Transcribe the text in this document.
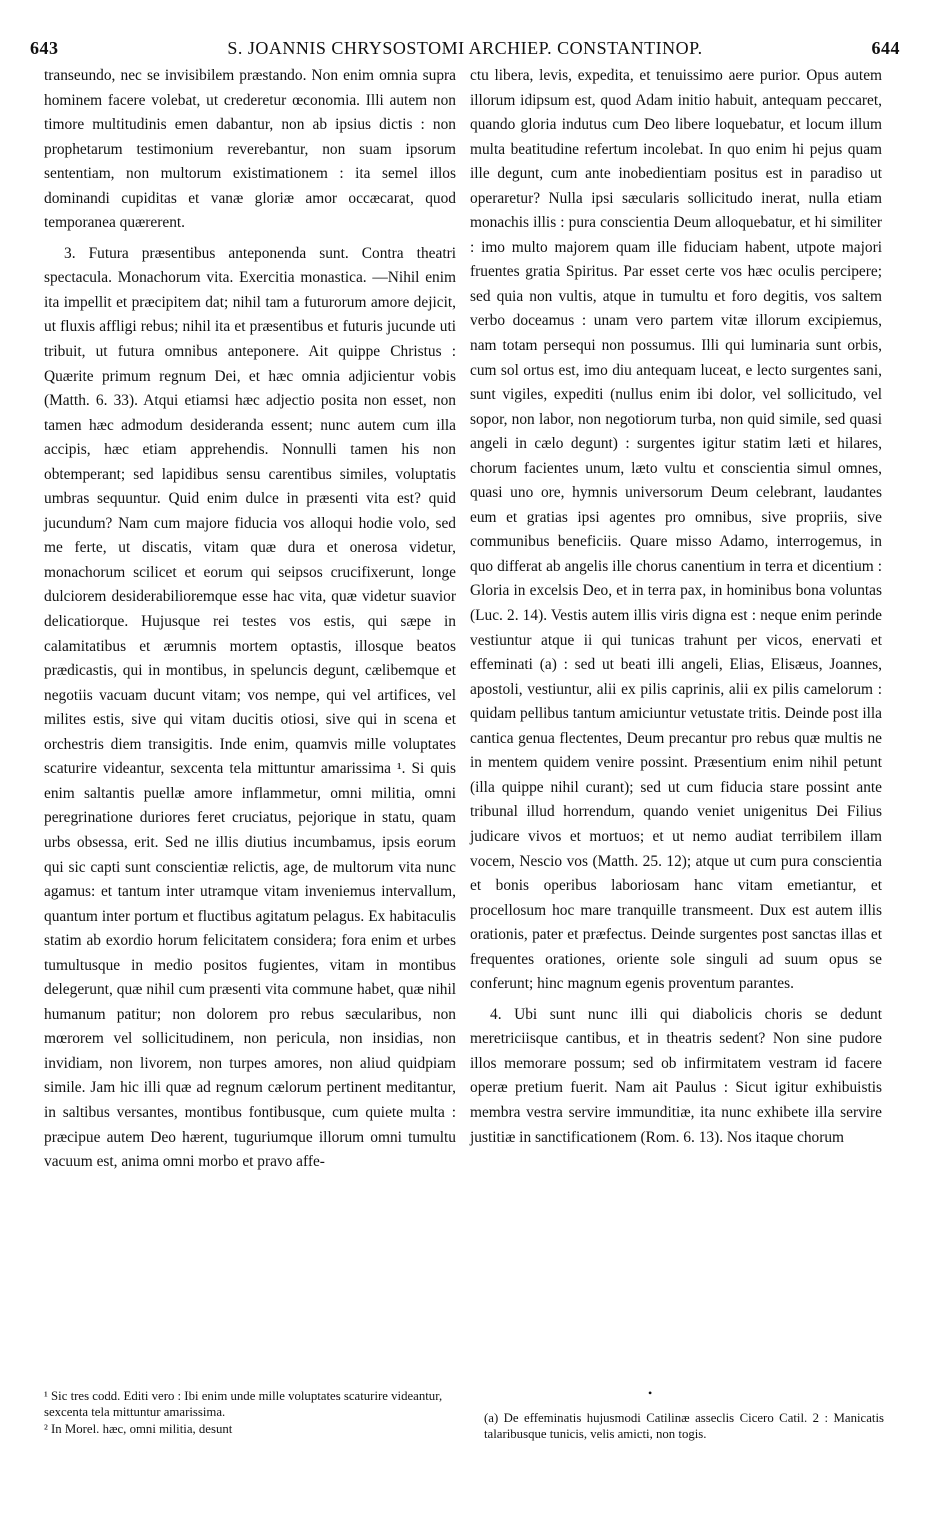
643	S. JOANNIS CHRYSOSTOMI ARCHIEP. CONSTANTINOP.	644

transeundo, nec se invisibilem præstando. Non enim omnia supra hominem facere volebat, ut crederetur œconomia. Illi autem non timore multitudinis emen dabantur, non ab ipsius dictis : non prophetarum testimonium reverebantur, non suam ipsorum sententiam, non multorum existimationem : ita semel illos dominandi cupiditas et vanæ gloriæ amor occæcarat, quod temporanea quærerent.

3. Futura præsentibus anteponenda sunt. Contra theatri spectacula. Monachorum vita. Exercitia monastica. —Nihil enim ita impellit et præcipitem dat; nihil tam a futurorum amore dejicit, ut fluxis affligi rebus; nihil ita et præsentibus et futuris jucunde uti tribuit, ut futura omnibus anteponere. Ait quippe Christus : Quærite primum regnum Dei, et hæc omnia adjicientur vobis (Matth. 6. 33). Atqui etiamsi hæc adjectio posita non esset, non tamen hæc admodum desideranda essent; nunc autem cum illa accipis, hæc etiam apprehendis. Nonnulli tamen his non obtemperant; sed lapidibus sensu carentibus similes, voluptatis umbras sequuntur. Quid enim dulce in præsenti vita est? quid jucundum? Nam cum majore fiducia vos alloqui hodie volo, sed me ferte, ut discatis, vitam quæ dura et onerosa videtur, monachorum scilicet et eorum qui seipsos crucifixerunt, longe dulciorem desiderabilioremque esse hac vita, quæ videtur suavior delicatiorque. Hujusque rei testes vos estis, qui sæpe in calamitatibus et ærumnis mortem optastis, illosque beatos prædicastis, qui in montibus, in speluncis degunt, cælibemque et negotiis vacuam ducunt vitam; vos nempe, qui vel artifices, vel milites estis, sive qui vitam ducitis otiosi, sive qui in scena et orchestris diem transigitis. Inde enim, quamvis mille voluptates scaturire videantur, sexcenta tela mittuntur amarissima ¹. Si quis enim saltantis puellæ amore inflammetur, omni militia, omni peregrinatione duriores feret cruciatus, pejorique in statu, quam urbs obsessa, erit. Sed ne illis diutius incumbamus, ipsis eorum qui sic capti sunt conscientiæ relictis, age, de multorum vita nunc agamus: et tantum inter utramque vitam inveniemus intervallum, quantum inter portum et fluctibus agitatum pelagus. Ex habitaculis statim ab exordio horum felicitatem considera; fora enim et urbes tumultusque in medio positos fugientes, vitam in montibus delegerunt, quæ nihil cum præsenti vita commune habet, quæ nihil humanum patitur; non dolorem pro rebus sæcularibus, non mœrorem vel sollicitudinem, non pericula, non insidias, non invidiam, non livorem, non turpes amores, non aliud quidpiam simile. Jam hic illi quæ ad regnum cælorum pertinent meditantur, in saltibus versantes, montibus fontibusque, cum quiete multa : præcipue autem Deo hærent, tuguriumque illorum omni tumultu vacuum est, anima omni morbo et pravo affe-

ctu libera, levis, expedita, et tenuissimo aere purior. Opus autem illorum idipsum est, quod Adam initio habuit, antequam peccaret, quando gloria indutus cum Deo libere loquebatur, et locum illum multa beatitudine refertum incolebat. In quo enim hi pejus quam ille degunt, cum ante inobedientiam positus est in paradiso ut operaretur? Nulla ipsi sæcularis sollicitudo inerat, nulla etiam monachis illis : pura conscientia Deum alloquebatur, et hi similiter : imo multo majorem quam ille fiduciam habent, utpote majori fruentes gratia Spiritus. Par esset certe vos hæc oculis percipere; sed quia non vultis, atque in tumultu et foro degitis, vos saltem verbo doceamus : unam vero partem vitæ illorum excipiemus, nam totam persequi non possumus. Illi qui luminaria sunt orbis, cum sol ortus est, imo diu antequam luceat, e lecto surgentes sani, sunt vigiles, expediti (nullus enim ibi dolor, vel sollicitudo, vel sopor, non labor, non negotiorum turba, non quid simile, sed quasi angeli in cælo degunt) : surgentes igitur statim læti et hilares, chorum facientes unum, læto vultu et conscientia simul omnes, quasi uno ore, hymnis universorum Deum celebrant, laudantes eum et gratias ipsi agentes pro omnibus, sive propriis, sive communibus beneficiis. Quare misso Adamo, interrogemus, in quo differat ab angelis ille chorus canentium in terra et dicentium : Gloria in excelsis Deo, et in terra pax, in hominibus bona voluntas (Luc. 2. 14). Vestis autem illis viris digna est : neque enim perinde vestiuntur atque ii qui tunicas trahunt per vicos, enervati et effeminati (a) : sed ut beati illi angeli, Elias, Elisæus, Joannes, apostoli, vestiuntur, alii ex pilis caprinis, alii ex pilis camelorum : quidam pellibus tantum amiciuntur vetustate tritis. Deinde post illa cantica genua flectentes, Deum precantur pro rebus quæ multis ne in mentem quidem venire possint. Præsentium enim nihil petunt (illa quippe nihil curant); sed ut cum fiducia stare possint ante tribunal illud horrendum, quando veniet unigenitus Dei Filius judicare vivos et mortuos; et ut nemo audiat terribilem illam vocem, Nescio vos (Matth. 25. 12); atque ut cum pura conscientia et bonis operibus laboriosam hanc vitam emetiantur, et procellosum hoc mare tranquille transmeent. Dux est autem illis orationis, pater et præfectus. Deinde surgentes post sanctas illas et frequentes orationes, oriente sole singuli ad suum opus se conferunt; hinc magnum egenis proventum parantes.

4. Ubi sunt nunc illi qui diabolicis choris se dedunt meretriciisque cantibus, et in theatris sedent? Non sine pudore illos memorare possum; sed ob infirmitatem vestram id facere operæ pretium fuerit. Nam ait Paulus : Sicut igitur exhibuistis membra vestra servire immunditiæ, ita nunc exhibete illa servire justitiæ in sanctificationem (Rom. 6. 13). Nos itaque chorum

¹ Sic tres codd. Editi vero : Ibi enim unde mille voluptates scaturire videantur, sexcenta tela mittuntur amarissima.

² In Morel. hæc, omni militia, desunt

•

(a) De effeminatis hujusmodi Catilinæ asseclis Cicero Catil. 2 : Manicatis talaribusque tunicis, velis amicti, non togis.
